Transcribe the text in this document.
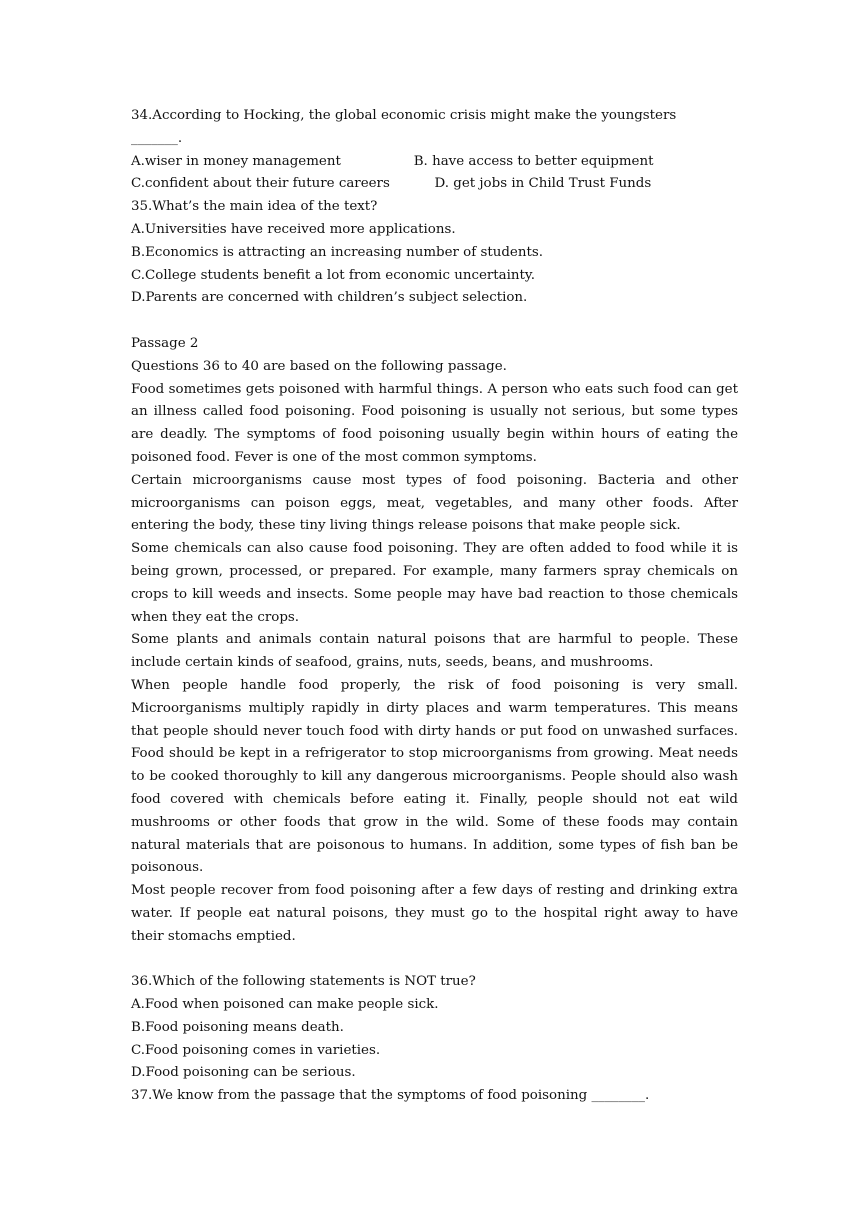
34.According to Hocking, the global economic crisis might make the youngsters
_______.
A.wiser in money management	B. have access to better equipment
C.confident about their future careers	D. get jobs in Child Trust Funds
35.What’s the main idea of the text?
A.Universities have received more applications.
B.Economics is attracting an increasing number of students.
C.College students benefit a lot from economic uncertainty.
D.Parents are concerned with children’s subject selection.
Passage 2
Questions 36 to 40 are based on the following passage.
Food sometimes gets poisoned with harmful things. A person who eats such food can get an illness called food poisoning. Food poisoning is usually not serious, but some types are deadly. The symptoms of food poisoning usually begin within hours of eating the poisoned food. Fever is one of the most common symptoms.
Certain microorganisms cause most types of food poisoning. Bacteria and other microorganisms can poison eggs, meat, vegetables, and many other foods. After entering the body, these tiny living things release poisons that make people sick.
Some chemicals can also cause food poisoning. They are often added to food while it is being grown, processed, or prepared. For example, many farmers spray chemicals on crops to kill weeds and insects. Some people may have bad reaction to those chemicals when they eat the crops.
Some plants and animals contain natural poisons that are harmful to people. These include certain kinds of seafood, grains, nuts, seeds, beans, and mushrooms.
When people handle food properly, the risk of food poisoning is very small. Microorganisms multiply rapidly in dirty places and warm temperatures. This means that people should never touch food with dirty hands or put food on unwashed surfaces. Food should be kept in a refrigerator to stop microorganisms from growing. Meat needs to be cooked thoroughly to kill any dangerous microorganisms. People should also wash food covered with chemicals before eating it. Finally, people should not eat wild mushrooms or other foods that grow in the wild. Some of these foods may contain natural materials that are poisonous to humans. In addition, some types of fish ban be poisonous.
Most people recover from food poisoning after a few days of resting and drinking extra water. If people eat natural poisons, they must go to the hospital right away to have their stomachs emptied.
36.Which of the following statements is NOT true?
A.Food when poisoned can make people sick.
B.Food poisoning means death.
C.Food poisoning comes in varieties.
D.Food poisoning can be serious.
37.We know from the passage that the symptoms of food poisoning ________.
